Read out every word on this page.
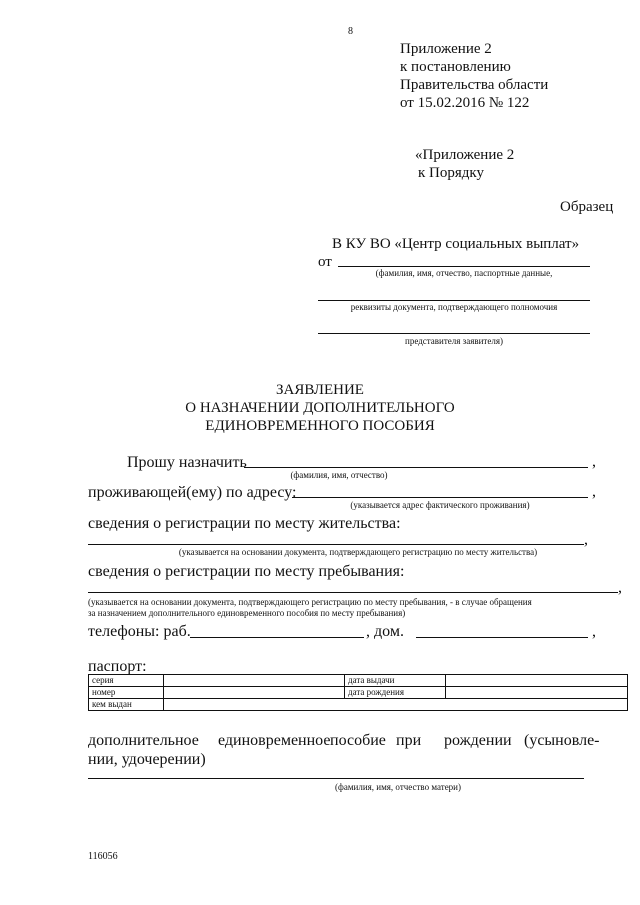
8
Приложение 2
к постановлению
Правительства области
от 15.02.2016 № 122
«Приложение 2
к Порядку
Образец
В КУ ВО «Центр социальных выплат»
от
(фамилия, имя, отчество, паспортные данные,
реквизиты документа, подтверждающего полномочия
представителя заявителя)
ЗАЯВЛЕНИЕ
О НАЗНАЧЕНИИ ДОПОЛНИТЕЛЬНОГО
ЕДИНОВРЕМЕННОГО ПОСОБИЯ
Прошу назначить	,
(фамилия, имя, отчество)
проживающей(ему) по адресу:	,
(указывается адрес фактического проживания)
сведения о регистрации по месту жительства:
,
(указывается на основании документа, подтверждающего регистрацию по месту жительства)
сведения о регистрации по месту пребывания:
,
(указывается на основании документа, подтверждающего регистрацию по месту пребывания, - в случае обращения
за назначением дополнительного единовременного пособия по месту пребывания)
телефоны: раб.	, дом.	,
паспорт:
серия		дата выдачи	
номер		дата рождения	
кем выдан			
дополнительное единовременное пособие при рождении (усыновле-
нии, удочерении)
(фамилия, имя, отчество матери)
116056
